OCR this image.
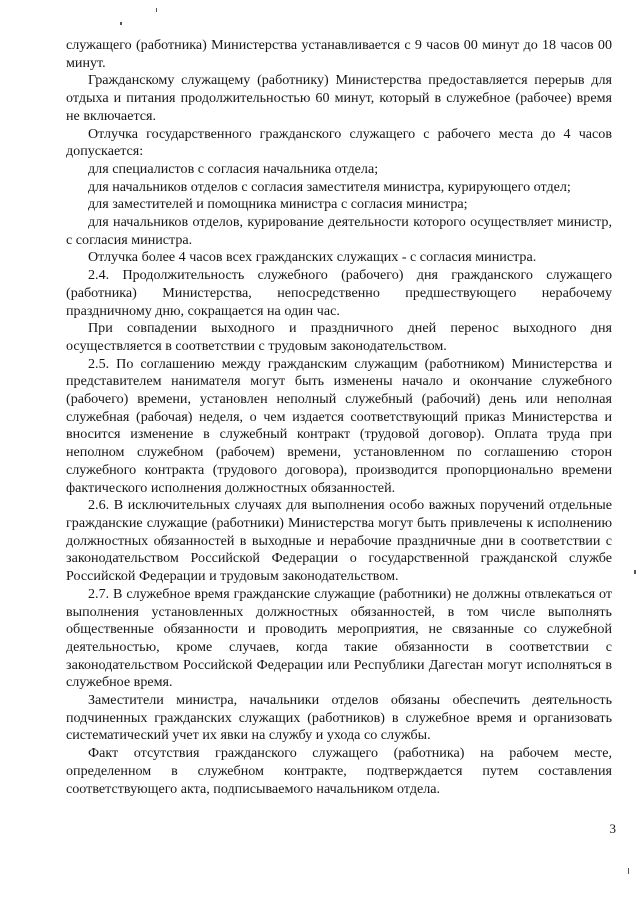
служащего (работника) Министерства устанавливается с 9 часов 00 минут до 18 часов 00 минут.

Гражданскому служащему (работнику) Министерства предоставляется перерыв для отдыха и питания продолжительностью 60 минут, который в служебное (рабочее) время не включается.

Отлучка государственного гражданского служащего с рабочего места до 4 часов допускается:

для специалистов с согласия начальника отдела;

для начальников отделов с согласия заместителя министра, курирующего отдел;

для заместителей и помощника министра с согласия министра;

для начальников отделов, курирование деятельности которого осуществляет министр, с согласия министра.

Отлучка более 4 часов всех гражданских служащих - с согласия министра.

2.4. Продолжительность служебного (рабочего) дня гражданского служащего (работника) Министерства, непосредственно предшествующего нерабочему праздничному дню, сокращается на один час.

При совпадении выходного и праздничного дней перенос выходного дня осуществляется в соответствии с трудовым законодательством.

2.5. По соглашению между гражданским служащим (работником) Министерства и представителем нанимателя могут быть изменены начало и окончание служебного (рабочего) времени, установлен неполный служебный (рабочий) день или неполная служебная (рабочая) неделя, о чем издается соответствующий приказ Министерства и вносится изменение в служебный контракт (трудовой договор). Оплата труда при неполном служебном (рабочем) времени, установленном по соглашению сторон служебного контракта (трудового договора), производится пропорционально времени фактического исполнения должностных обязанностей.

2.6. В исключительных случаях для выполнения особо важных поручений отдельные гражданские служащие (работники) Министерства могут быть привлечены к исполнению должностных обязанностей в выходные и нерабочие праздничные дни в соответствии с законодательством Российской Федерации о государственной гражданской службе Российской Федерации и трудовым законодательством.

2.7. В служебное время гражданские служащие (работники) не должны отвлекаться от выполнения установленных должностных обязанностей, в том числе выполнять общественные обязанности и проводить мероприятия, не связанные со служебной деятельностью, кроме случаев, когда такие обязанности в соответствии с законодательством Российской Федерации или Республики Дагестан могут исполняться в служебное время.

Заместители министра, начальники отделов обязаны обеспечить деятельность подчиненных гражданских служащих (работников) в служебное время и организовать систематический учет их явки на службу и ухода со службы.

Факт отсутствия гражданского служащего (работника) на рабочем месте, определенном в служебном контракте, подтверждается путем составления соответствующего акта, подписываемого начальником отдела.

3
